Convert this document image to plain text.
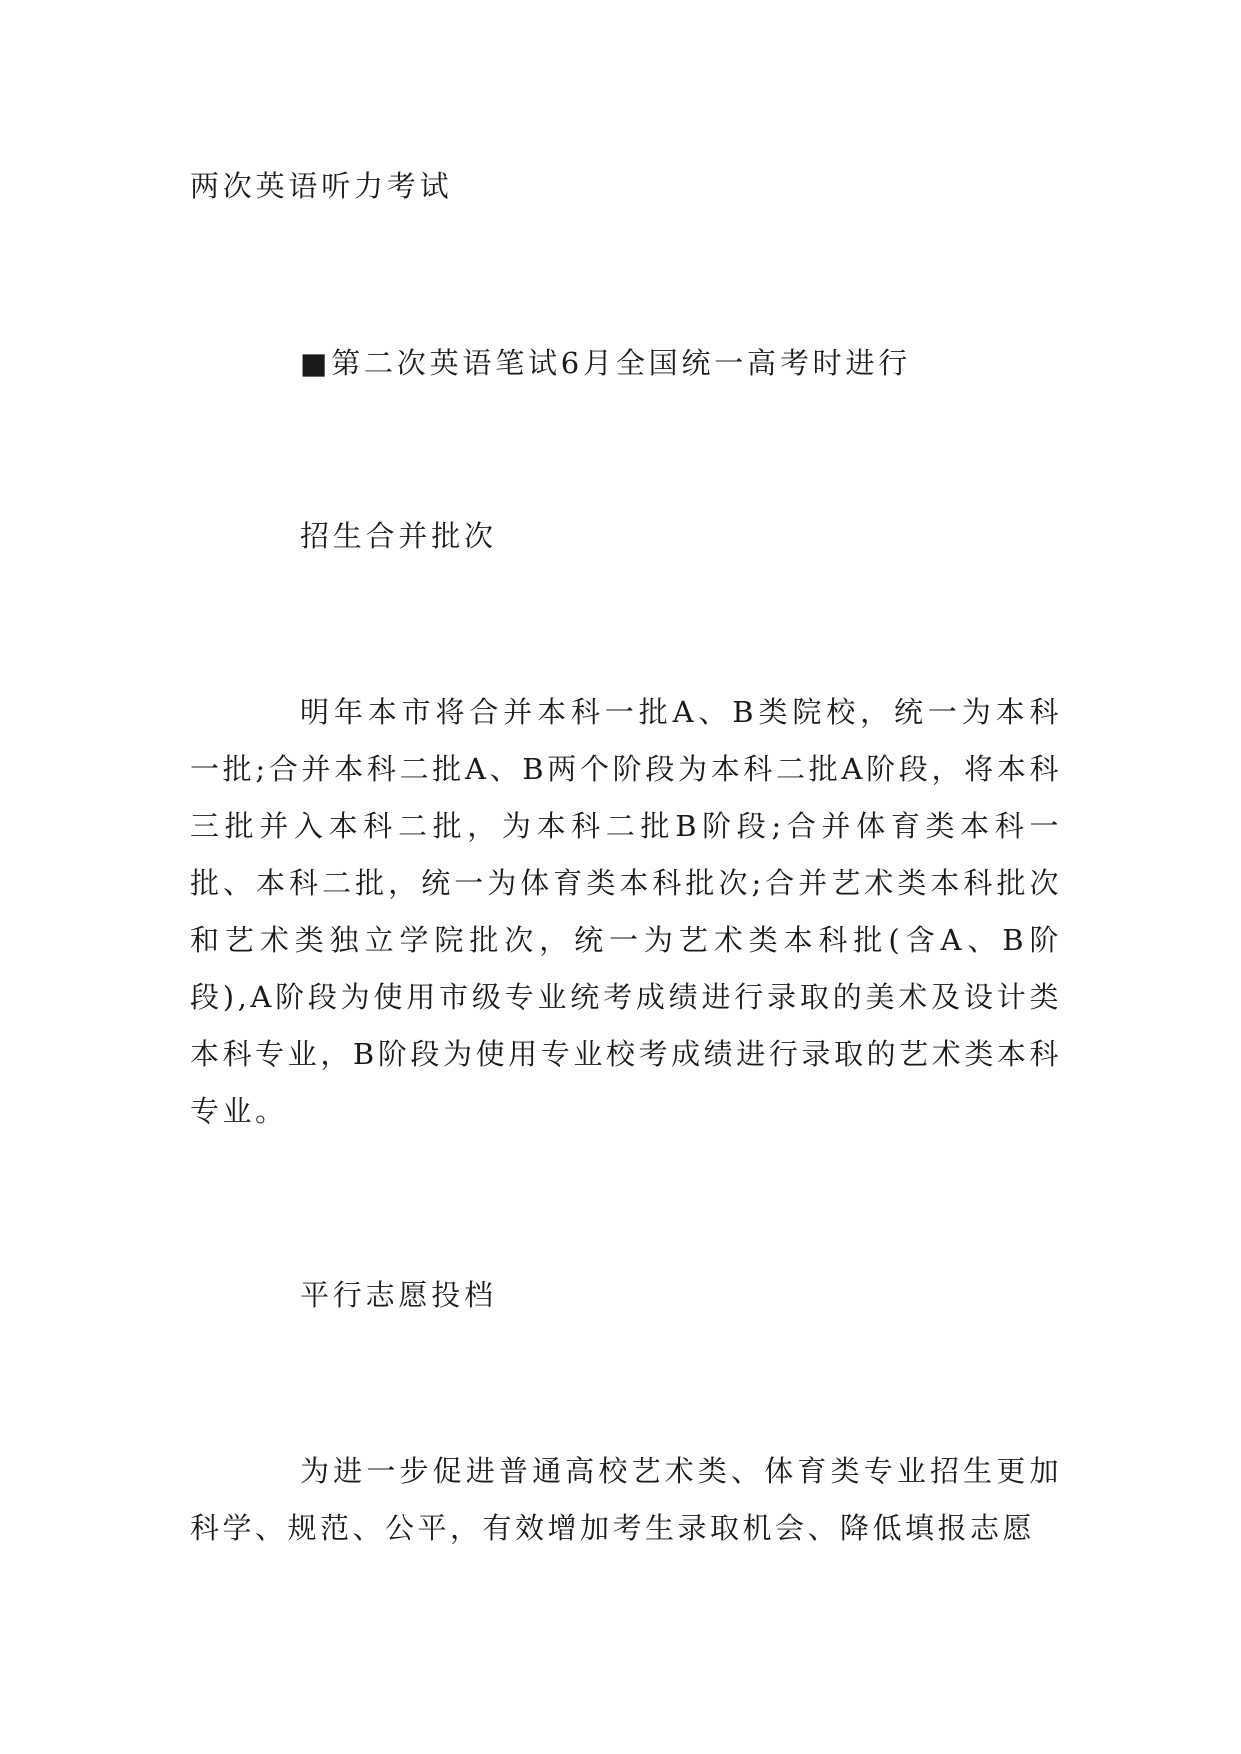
两次英语听力考试
■第二次英语笔试6月全国统一高考时进行
招生合并批次

明年本市将合并本科一批A、B类院校，统一为本科一批;合并本科二批A、B两个阶段为本科二批A阶段，将本科三批并入本科二批，为本科二批B阶段;合并体育类本科一批、本科二批，统一为体育类本科批次;合并艺术类本科批次和艺术类独立学院批次，统一为艺术类本科批(含A、B阶段),A阶段为使用市级专业统考成绩进行录取的美术及设计类本科专业，B阶段为使用专业校考成绩进行录取的艺术类本科专业。

平行志愿投档

为进一步促进普通高校艺术类、体育类专业招生更加科学、规范、公平，有效增加考生录取机会、降低填报志愿
